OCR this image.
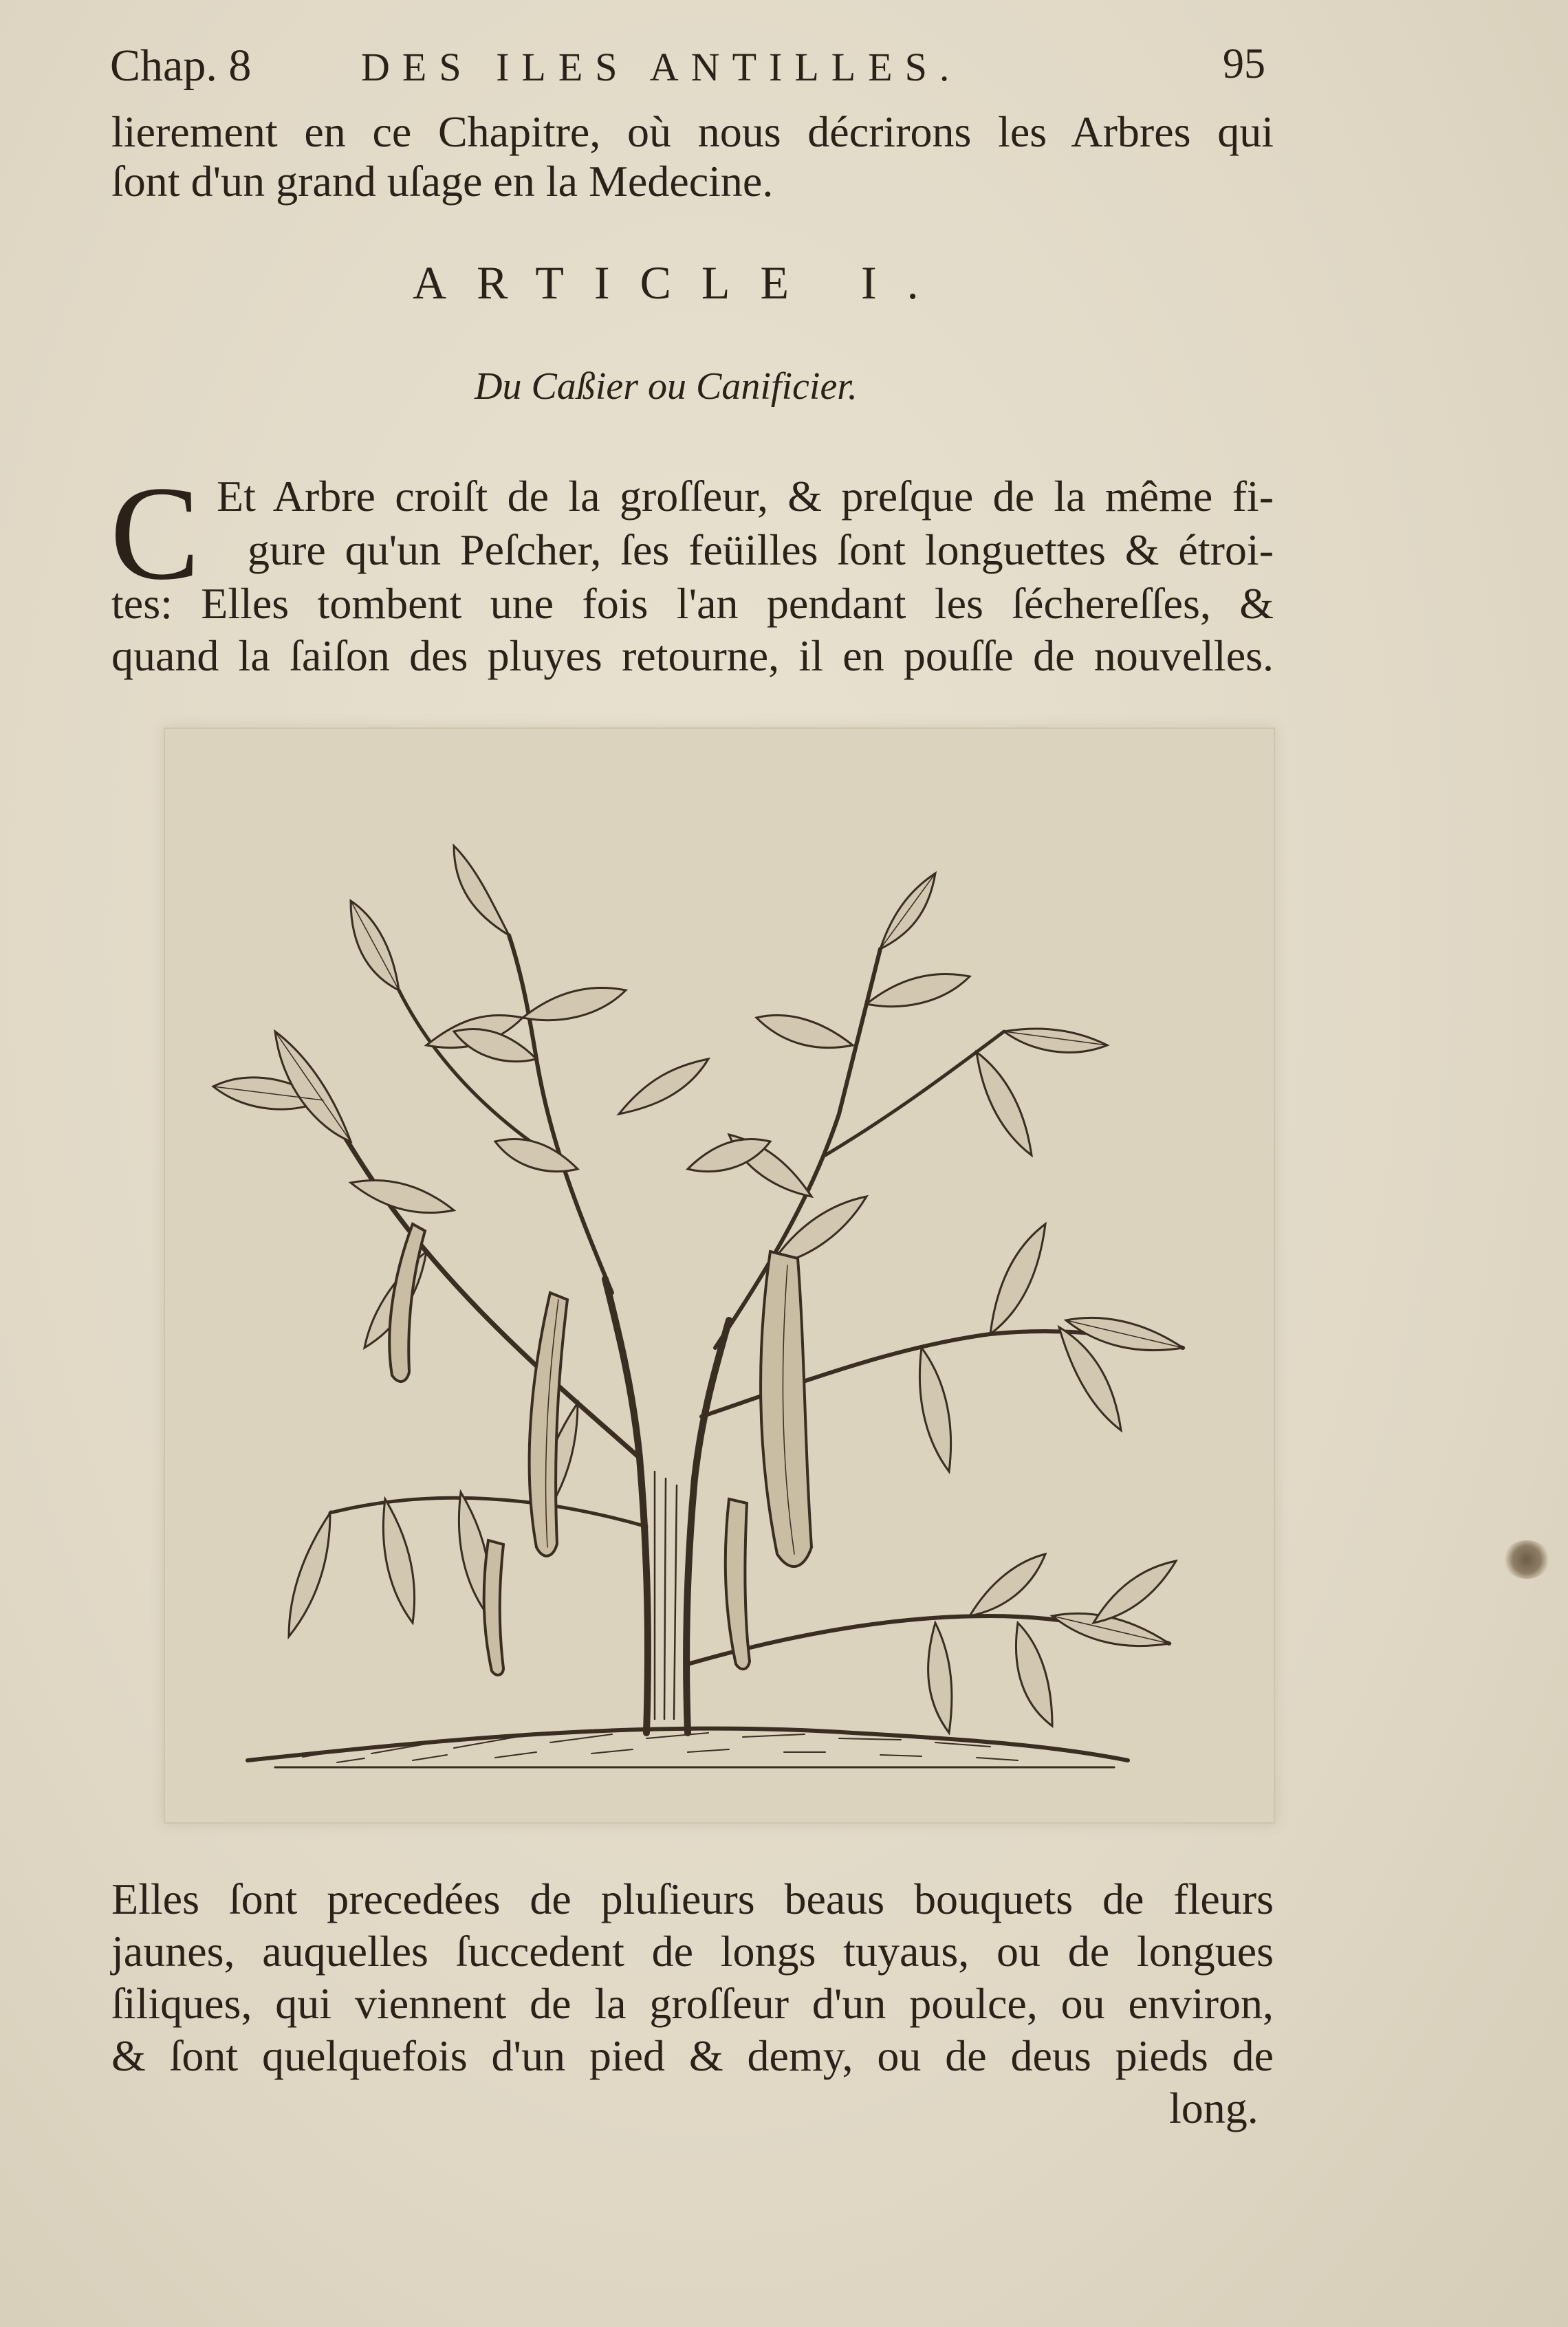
Chap. 8	DES ILES ANTILLES.	95
lierement en ce Chapitre, où nous décrirons les Arbres qui
ſont d'un grand uſage en la Medecine.
ARTICLE I.
Du Caßier ou Canificier.
C Et Arbre croiſt de la groſſeur, & preſque de la même fi-
gure qu'un Peſcher, ſes feüilles ſont longuettes & étroi-
tes: Elles tombent une fois l'an pendant les ſéchereſſes, &
quand la ſaiſon des pluyes retourne, il en pouſſe de nouvelles.
Elles ſont precedées de pluſieurs beaus bouquets de fleurs
jaunes, auquelles ſuccedent de longs tuyaus, ou de longues
ſiliques, qui viennent de la groſſeur d'un poulce, ou environ,
& ſont quelquefois d'un pied & demy, ou de deus pieds de
long.
